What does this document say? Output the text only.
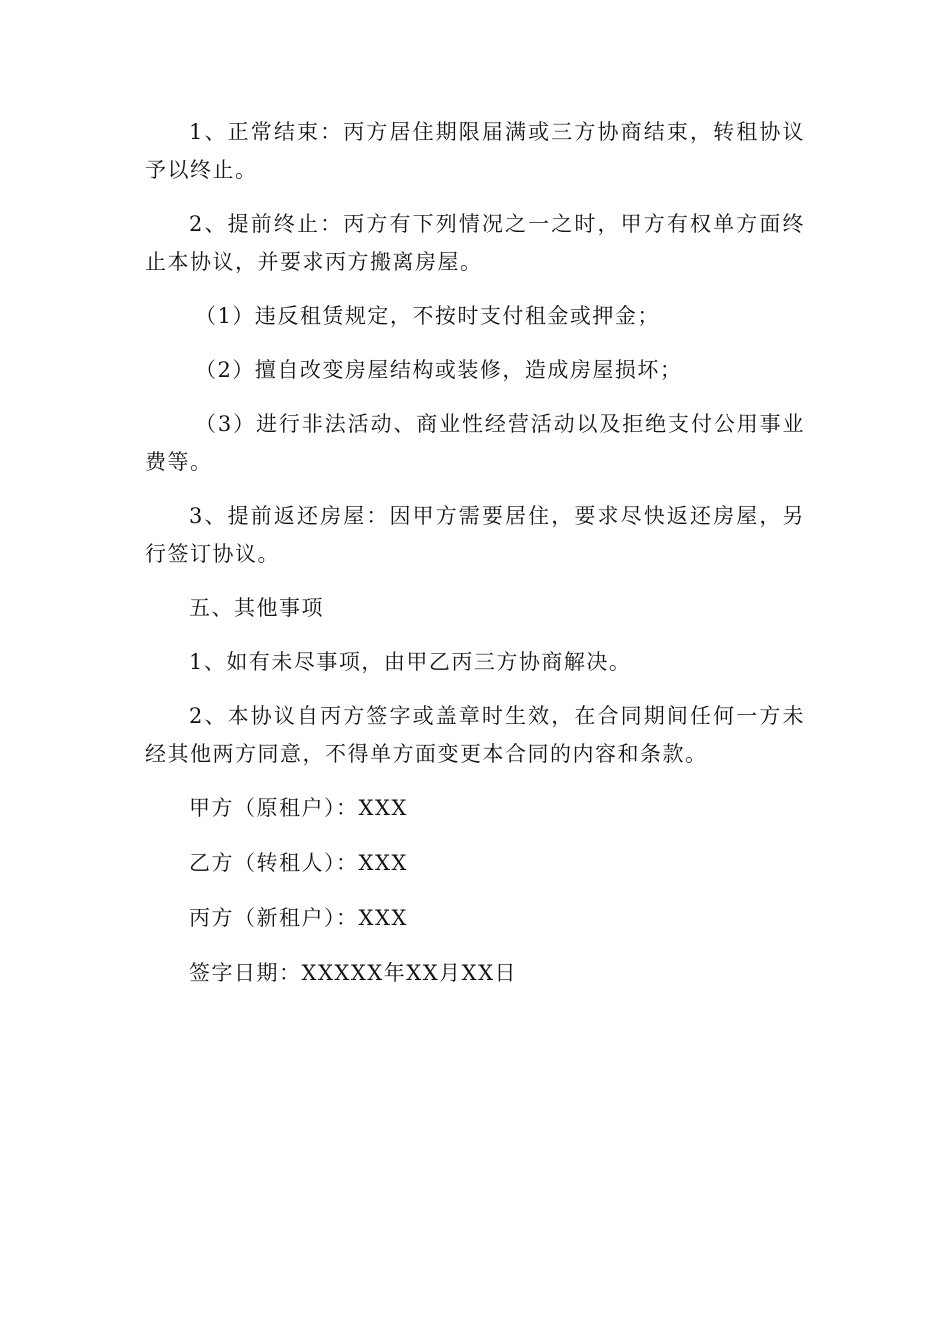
1、正常结束：丙方居住期限届满或三方协商结束，转租协议予以终止。

2、提前终止：丙方有下列情况之一之时，甲方有权单方面终止本协议，并要求丙方搬离房屋。

（1）违反租赁规定，不按时支付租金或押金；

（2）擅自改变房屋结构或装修，造成房屋损坏；

（3）进行非法活动、商业性经营活动以及拒绝支付公用事业费等。

3、提前返还房屋：因甲方需要居住，要求尽快返还房屋，另行签订协议。

五、其他事项

1、如有未尽事项，由甲乙丙三方协商解决。

2、本协议自丙方签字或盖章时生效，在合同期间任何一方未经其他两方同意，不得单方面变更本合同的内容和条款。

甲方（原租户）：XXX

乙方（转租人）：XXX

丙方（新租户）：XXX

签字日期：XXXXX年XX月XX日
